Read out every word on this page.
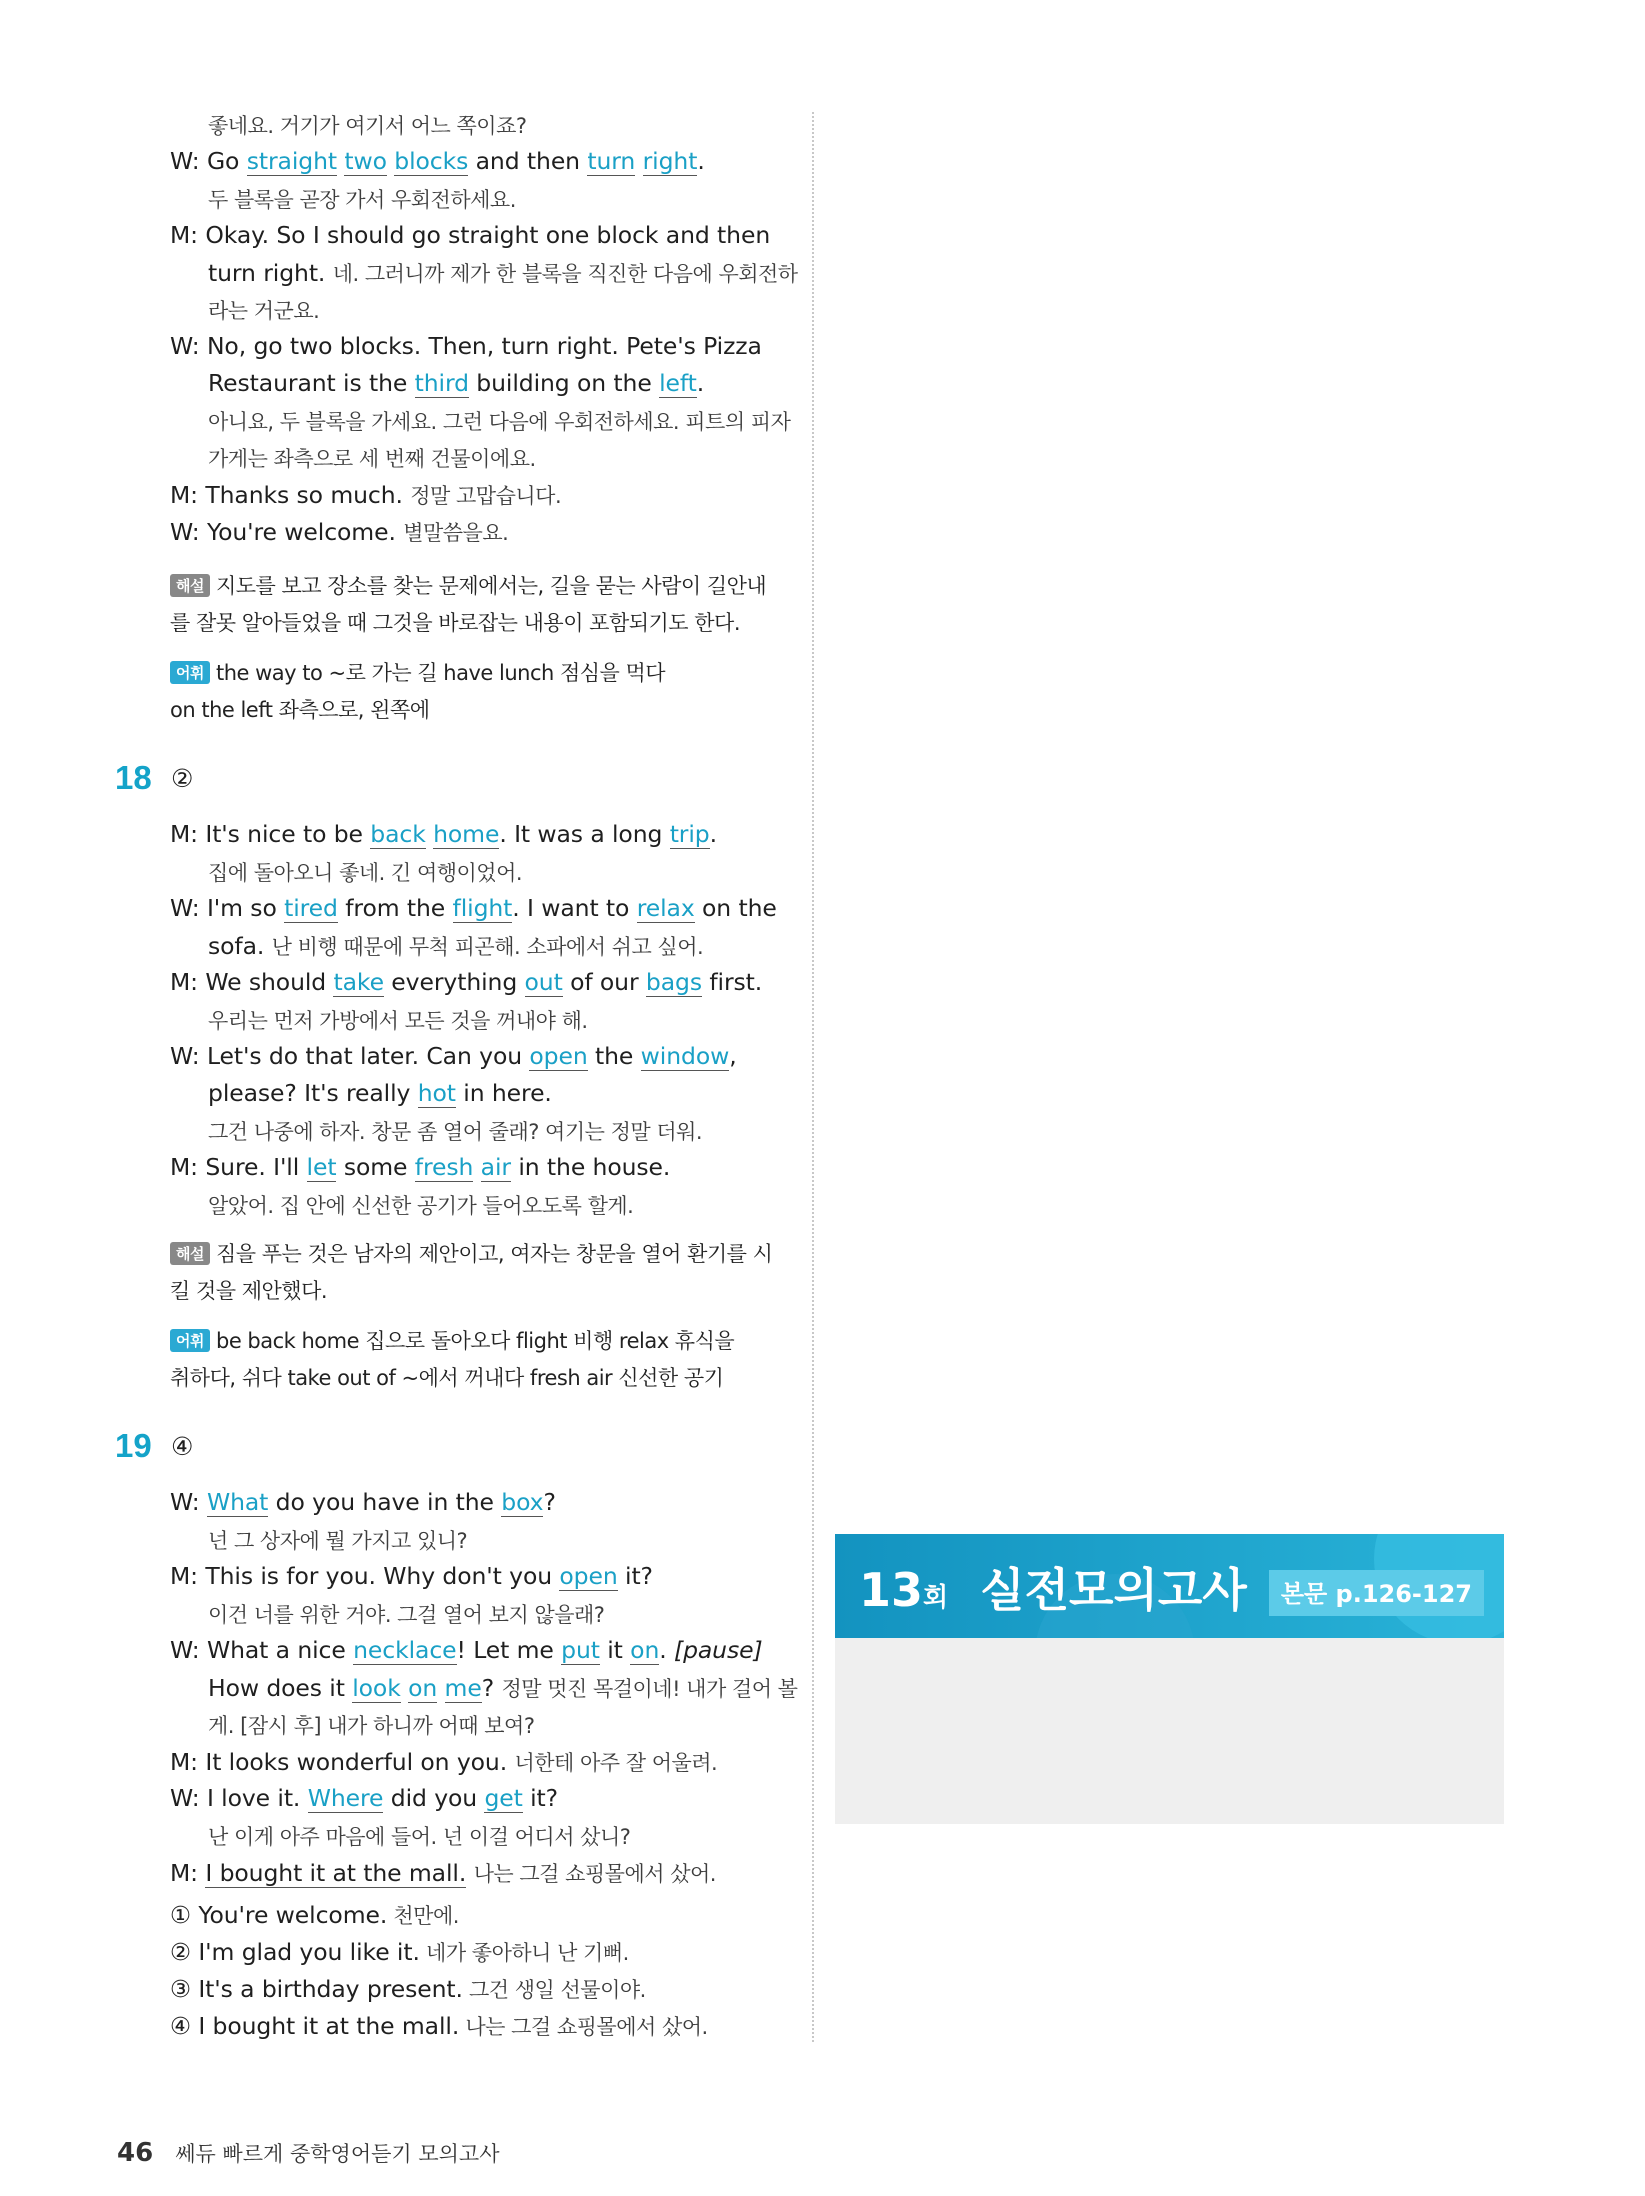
좋네요. 거기가 여기서 어느 쪽이죠?
W: Go straight two blocks and then turn right.
두 블록을 곧장 가서 우회전하세요.
M: Okay. So I should go straight one block and then
turn right. 네. 그러니까 제가 한 블록을 직진한 다음에 우회전하
라는 거군요.
W: No, go two blocks. Then, turn right. Pete's Pizza
Restaurant is the third building on the left.
아니요, 두 블록을 가세요. 그런 다음에 우회전하세요. 피트의 피자
가게는 좌측으로 세 번째 건물이에요.
M: Thanks so much. 정말 고맙습니다.
W: You're welcome. 별말씀을요.
해설 지도를 보고 장소를 찾는 문제에서는, 길을 묻는 사람이 길안내
를 잘못 알아들었을 때 그것을 바로잡는 내용이 포함되기도 한다.
어휘 the way to ~로 가는 길 have lunch 점심을 먹다
on the left 좌측으로, 왼쪽에
18 ②
M: It's nice to be back home. It was a long trip.
집에 돌아오니 좋네. 긴 여행이었어.
W: I'm so tired from the flight. I want to relax on the
sofa. 난 비행 때문에 무척 피곤해. 소파에서 쉬고 싶어.
M: We should take everything out of our bags first.
우리는 먼저 가방에서 모든 것을 꺼내야 해.
W: Let's do that later. Can you open the window,
please? It's really hot in here.
그건 나중에 하자. 창문 좀 열어 줄래? 여기는 정말 더워.
M: Sure. I'll let some fresh air in the house.
알았어. 집 안에 신선한 공기가 들어오도록 할게.
해설 짐을 푸는 것은 남자의 제안이고, 여자는 창문을 열어 환기를 시
킬 것을 제안했다.
어휘 be back home 집으로 돌아오다 flight 비행 relax 휴식을
취하다, 쉬다 take out of ~에서 꺼내다 fresh air 신선한 공기
19 ④
W: What do you have in the box?
넌 그 상자에 뭘 가지고 있니?
M: This is for you. Why don't you open it?
이건 너를 위한 거야. 그걸 열어 보지 않을래?
W: What a nice necklace! Let me put it on. [pause]
How does it look on me? 정말 멋진 목걸이네! 내가 걸어 볼
게. [잠시 후] 내가 하니까 어때 보여?
M: It looks wonderful on you. 너한테 아주 잘 어울려.
W: I love it. Where did you get it?
난 이게 아주 마음에 들어. 넌 이걸 어디서 샀니?
M: I bought it at the mall. 나는 그걸 쇼핑몰에서 샀어.
① You're welcome. 천만에.
② I'm glad you like it. 네가 좋아하니 난 기뻐.
③ It's a birthday present. 그건 생일 선물이야.
④ I bought it at the mall. 나는 그걸 쇼핑몰에서 샀어.
13회 실전모의고사	본문 p.126-127
46 쎄듀 빠르게 중학영어듣기 모의고사
